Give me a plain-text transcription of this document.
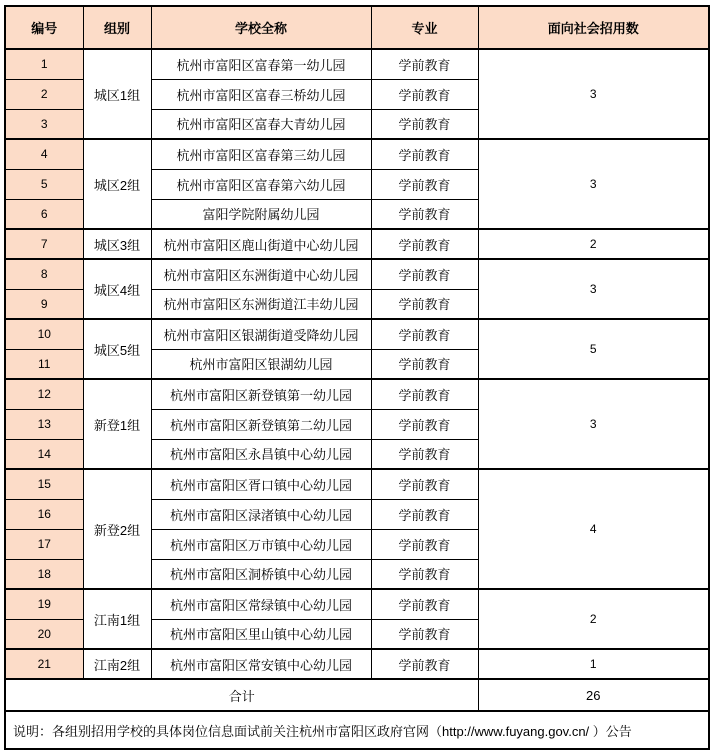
编号	组别	学校全称	专业	面向社会招用数
1	城区1组	杭州市富阳区富春第一幼儿园	学前教育	3
2		杭州市富阳区富春三桥幼儿园	学前教育	
3		杭州市富阳区富春大青幼儿园	学前教育	
4	城区2组	杭州市富阳区富春第三幼儿园	学前教育	3
5		杭州市富阳区富春第六幼儿园	学前教育	
6		富阳学院附属幼儿园	学前教育	
7	城区3组	杭州市富阳区鹿山街道中心幼儿园	学前教育	2
8	城区4组	杭州市富阳区东洲街道中心幼儿园	学前教育	3
9		杭州市富阳区东洲街道江丰幼儿园	学前教育	
10	城区5组	杭州市富阳区银湖街道受降幼儿园	学前教育	5
11		杭州市富阳区银湖幼儿园	学前教育	
12	新登1组	杭州市富阳区新登镇第一幼儿园	学前教育	3
13		杭州市富阳区新登镇第二幼儿园	学前教育	
14		杭州市富阳区永昌镇中心幼儿园	学前教育	
15	新登2组	杭州市富阳区胥口镇中心幼儿园	学前教育	4
16		杭州市富阳区渌渚镇中心幼儿园	学前教育	
17		杭州市富阳区万市镇中心幼儿园	学前教育	
18		杭州市富阳区洞桥镇中心幼儿园	学前教育	
19	江南1组	杭州市富阳区常绿镇中心幼儿园	学前教育	2
20		杭州市富阳区里山镇中心幼儿园	学前教育	
21	江南2组	杭州市富阳区常安镇中心幼儿园	学前教育	1
合计				26
说明：各组别招用学校的具体岗位信息面试前关注杭州市富阳区政府官网（http://www.fuyang.gov.cn/ ）公告				
